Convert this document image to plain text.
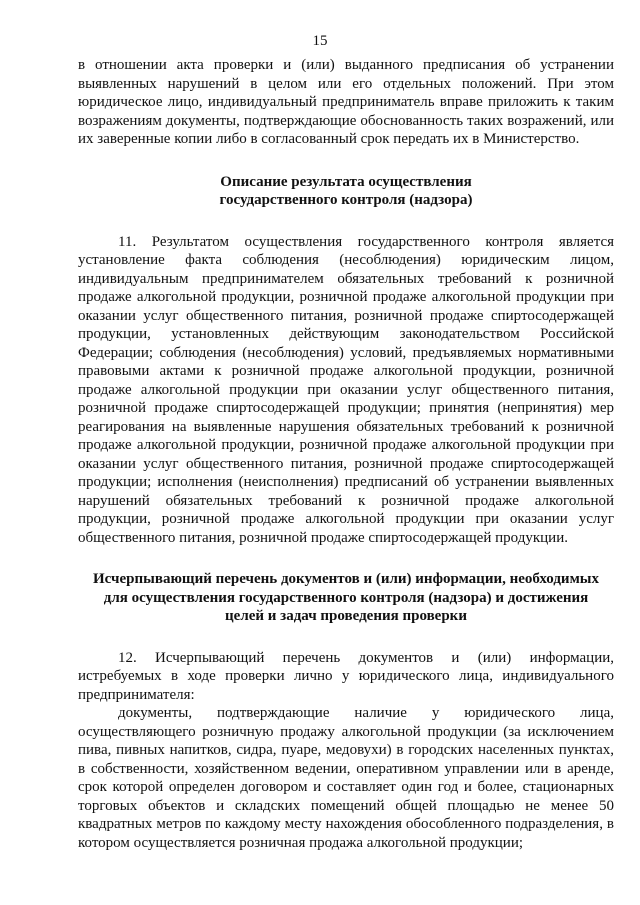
15

в отношении акта проверки и (или) выданного предписания об устранении выявленных нарушений в целом или его отдельных положений. При этом юридическое лицо, индивидуальный предприниматель вправе приложить к таким возражениям документы, подтверждающие обоснованность таких возражений, или их заверенные копии либо в согласованный срок передать их в Министерство.

Описание результата осуществления
государственного контроля (надзора)

11. Результатом осуществления государственного контроля является установление факта соблюдения (несоблюдения) юридическим лицом, индивидуальным предпринимателем обязательных требований к розничной продаже алкогольной продукции, розничной продаже алкогольной продукции при оказании услуг общественного питания, розничной продаже спиртосодержащей продукции, установленных действующим законодательством Российской Федерации; соблюдения (несоблюдения) условий, предъявляемых нормативными правовыми актами к розничной продаже алкогольной продукции, розничной продаже алкогольной продукции при оказании услуг общественного питания, розничной продаже спиртосодержащей продукции; принятия (непринятия) мер реагирования на выявленные нарушения обязательных требований к розничной продаже алкогольной продукции, розничной продаже алкогольной продукции при оказании услуг общественного питания, розничной продаже спиртосодержащей продукции; исполнения (неисполнения) предписаний об устранении выявленных нарушений обязательных требований к розничной продаже алкогольной продукции, розничной продаже алкогольной продукции при оказании услуг общественного питания, розничной продаже спиртосодержащей продукции.

Исчерпывающий перечень документов и (или) информации, необходимых
для осуществления государственного контроля (надзора) и достижения
целей и задач проведения проверки

12. Исчерпывающий перечень документов и (или) информации, истребуемых в ходе проверки лично у юридического лица, индивидуального предпринимателя:

документы, подтверждающие наличие у юридического лица, осуществляющего розничную продажу алкогольной продукции (за исключением пива, пивных напитков, сидра, пуаре, медовухи) в городских населенных пунктах, в собственности, хозяйственном ведении, оперативном управлении или в аренде, срок которой определен договором и составляет один год и более, стационарных торговых объектов и складских помещений общей площадью не менее 50 квадратных метров по каждому месту нахождения обособленного подразделения, в котором осуществляется розничная продажа алкогольной продукции;
